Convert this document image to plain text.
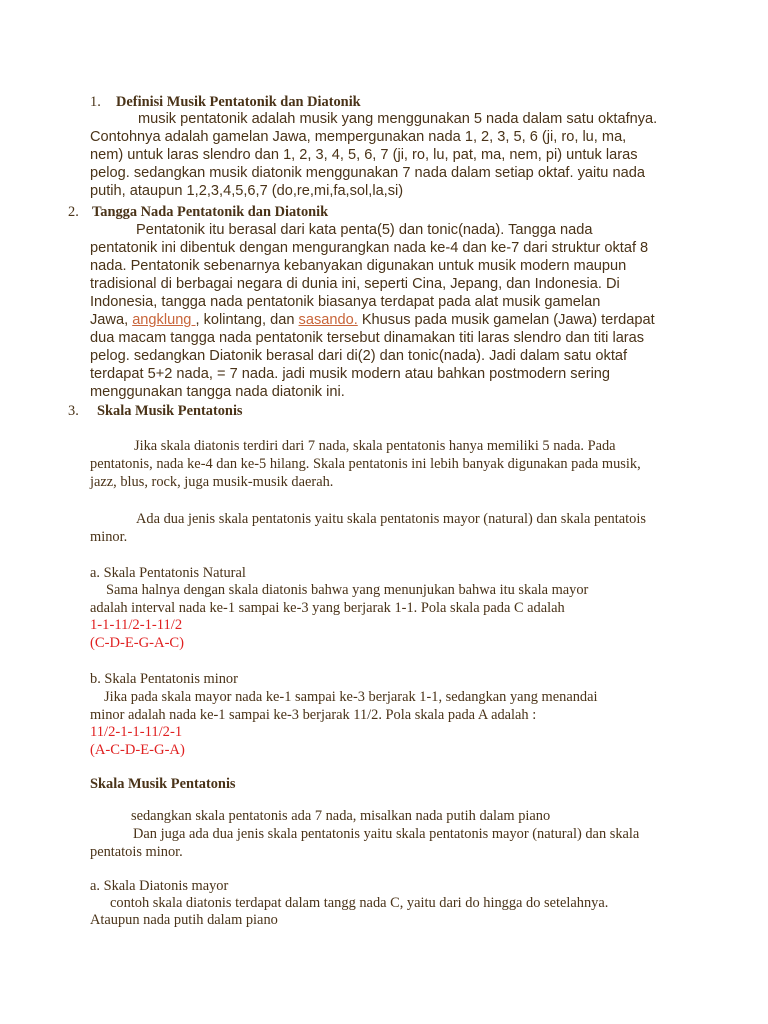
1. Definisi Musik Pentatonik dan Diatonik
musik pentatonik adalah musik yang menggunakan 5 nada dalam satu oktafnya.
Contohnya adalah gamelan Jawa, mempergunakan nada 1, 2, 3, 5, 6 (ji, ro, lu, ma,
nem) untuk laras slendro dan 1, 2, 3, 4, 5, 6, 7 (ji, ro, lu, pat, ma, nem, pi) untuk laras
pelog. sedangkan musik diatonik menggunakan 7 nada dalam setiap oktaf. yaitu nada
putih, ataupun 1,2,3,4,5,6,7 (do,re,mi,fa,sol,la,si)
2. Tangga Nada Pentatonik dan Diatonik
Pentatonik itu berasal dari kata penta(5) dan tonic(nada). Tangga nada
pentatonik ini dibentuk dengan mengurangkan nada ke-4 dan ke-7 dari struktur oktaf 8
nada. Pentatonik sebenarnya kebanyakan digunakan untuk musik modern maupun
tradisional di berbagai negara di dunia ini, seperti Cina, Jepang, dan Indonesia. Di
Indonesia, tangga nada pentatonik biasanya terdapat pada alat musik gamelan
Jawa, angklung , kolintang, dan sasando. Khusus pada musik gamelan (Jawa) terdapat
dua macam tangga nada pentatonik tersebut dinamakan titi laras slendro dan titi laras
pelog. sedangkan Diatonik berasal dari di(2) dan tonic(nada). Jadi dalam satu oktaf
terdapat 5+2 nada, = 7 nada. jadi musik modern atau bahkan postmodern sering
menggunakan tangga nada diatonik ini.
3. Skala Musik Pentatonis
Jika skala diatonis terdiri dari 7 nada, skala pentatonis hanya memiliki 5 nada. Pada
pentatonis, nada ke-4 dan ke-5 hilang. Skala pentatonis ini lebih banyak digunakan pada musik,
jazz, blus, rock, juga musik-musik daerah.
Ada dua jenis skala pentatonis yaitu skala pentatonis mayor (natural) dan skala pentatois
minor.
a. Skala Pentatonis Natural
Sama halnya dengan skala diatonis bahwa yang menunjukan bahwa itu skala mayor
adalah interval nada ke-1 sampai ke-3 yang berjarak 1-1. Pola skala pada C adalah
1-1-11/2-1-11/2
(C-D-E-G-A-C)
b. Skala Pentatonis minor
Jika pada skala mayor nada ke-1 sampai ke-3 berjarak 1-1, sedangkan yang menandai
minor adalah nada ke-1 sampai ke-3 berjarak 11/2. Pola skala pada A adalah :
11/2-1-1-11/2-1
(A-C-D-E-G-A)
Skala Musik Pentatonis
sedangkan skala pentatonis ada 7 nada, misalkan nada putih dalam piano
Dan juga ada dua jenis skala pentatonis yaitu skala pentatonis mayor (natural) dan skala
pentatois minor.
a. Skala Diatonis mayor
contoh skala diatonis terdapat dalam tangg nada C, yaitu dari do hingga do setelahnya.
Ataupun nada putih dalam piano
